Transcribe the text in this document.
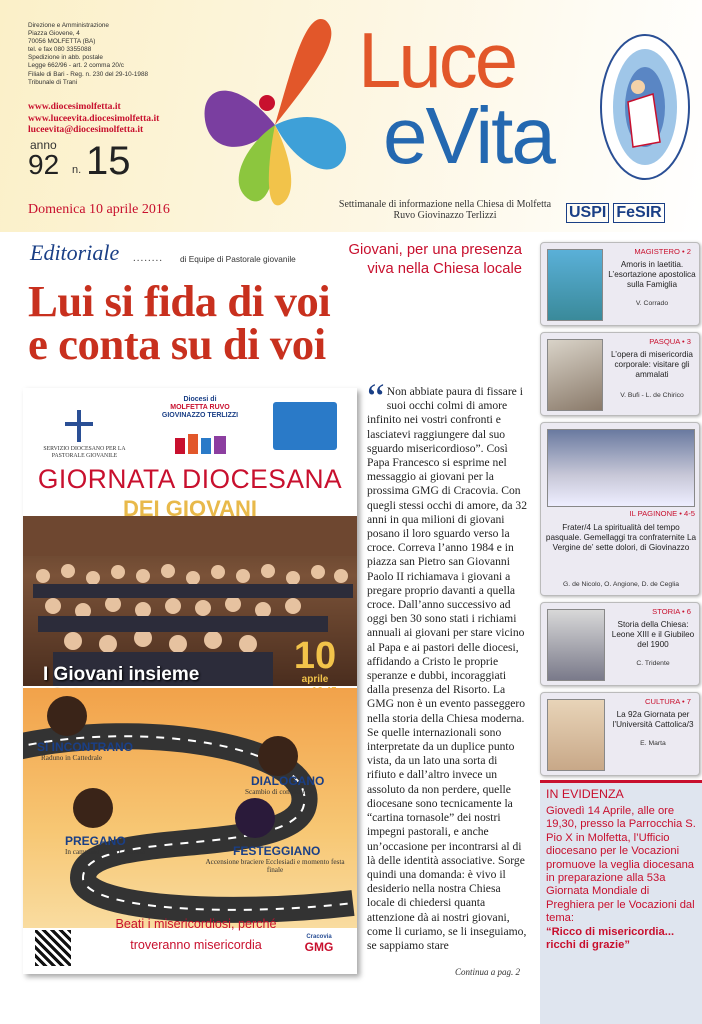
Direzione e Amministrazione
Piazza Giovene, 4
70056 MOLFETTA (BA)
tel. e fax 080 3355088
Spedizione in abb. postale
Legge 662/96 - art. 2 comma 20/c
Filiale di Bari - Reg. n. 230 del 29-10-1988
Tribunale di Trani
www.diocesimolfetta.it
www.luceevita.diocesimolfetta.it
luceevita@diocesimolfetta.it
anno
92 n. 15
Domenica 10 aprile 2016
Luce
eVita
Settimanale di informazione nella Chiesa di Molfetta Ruvo Giovinazzo Terlizzi	USPI FeSIR
Editoriale ........ di Equipe di Pastorale giovanile
Giovani, per una presenza viva nella Chiesa locale
Lui si fida di voi
e conta su di voi
SERVIZIO DIOCESANO PER LA PASTORALE GIOVANILE
Diocesi di
MOLFETTA RUVO
GIOVINAZZO TERLIZZI
GIORNATA DIOCESANA
DEI GIOVANI
I Giovani insieme	10
aprile
SI INCONTRANO
Raduno in Cattedrale
DIALOGANO
Scambio di conoscenze
PREGANO
In cammino verso Cracovia	FESTEGGIANO
Accensione braciere Ecclesiadi e momento festa finale
Beati i misericordiosi, perché
troveranno misericordia
Cracovia
GMG
“ Non abbiate paura di fissare i suoi occhi colmi di amore infinito nei vostri confronti e lasciatevi raggiungere dal suo sguardo misericordioso”. Così Papa Francesco si esprime nel messaggio ai giovani per la prossima GMG di Cracovia. Con quegli stessi occhi di amore, da 32 anni in qua milioni di giovani posano il loro sguardo verso la croce. Correva l’anno 1984 e in piazza san Pietro san Giovanni Paolo II richiamava i giovani a pregare proprio davanti a quella croce. Dall’anno successivo ad oggi ben 30 sono stati i richiami annuali ai giovani per stare vicino al Papa e ai pastori delle diocesi, affidando a Cristo le proprie speranze e dubbi, incoraggiati dalla presenza del Risorto. La GMG non è un evento passeggero nella storia della Chiesa moderna. Se quelle internazionali sono interpretate da un duplice punto vista, da un lato una sorta di rifiuto e dall’altro invece un assoluto da non perdere, quelle diocesane sono tecnicamente la “cartina tornasole” dei nostri impegni pastorali, e anche un’occasione per incontrarsi al di là delle identità associative. Sorge quindi una domanda: è vivo il desiderio nella nostra Chiesa locale di chiedersi quanta attenzione dà ai nostri giovani, come li curiamo, se li inseguiamo, se sappiamo stare
Continua a pag. 2
MAGISTERO • 2
Amoris in laetitia. L’esortazione apostolica sulla Famiglia
V. Corrado
PASQUA • 3
L’opera di misericordia corporale: visitare gli ammalati
V. Bufi - L. de Chirico
IL PAGINONE • 4-5
Frater/4 La spiritualità del tempo pasquale. Gemellaggi tra confraternite La Vergine de’ sette dolori, di Giovinazzo
G. de Nicolo, O. Angione, D. de Ceglia
STORIA • 6
Storia della Chiesa: Leone XIII e il Giubileo del 1900
C. Tridente
CULTURA • 7
La 92a Giornata per l’Università Cattolica/3
E. Marta
IN EVIDENZA
Giovedì 14 Aprile, alle ore 19,30, presso la Parrocchia S. Pio X in Molfetta, l’Ufficio diocesano per le Vocazioni promuove la veglia diocesana in preparazione alla 53a Giornata Mondiale di Preghiera per le Vocazioni dal tema:
“Ricco di misericordia... ricchi di grazie”
